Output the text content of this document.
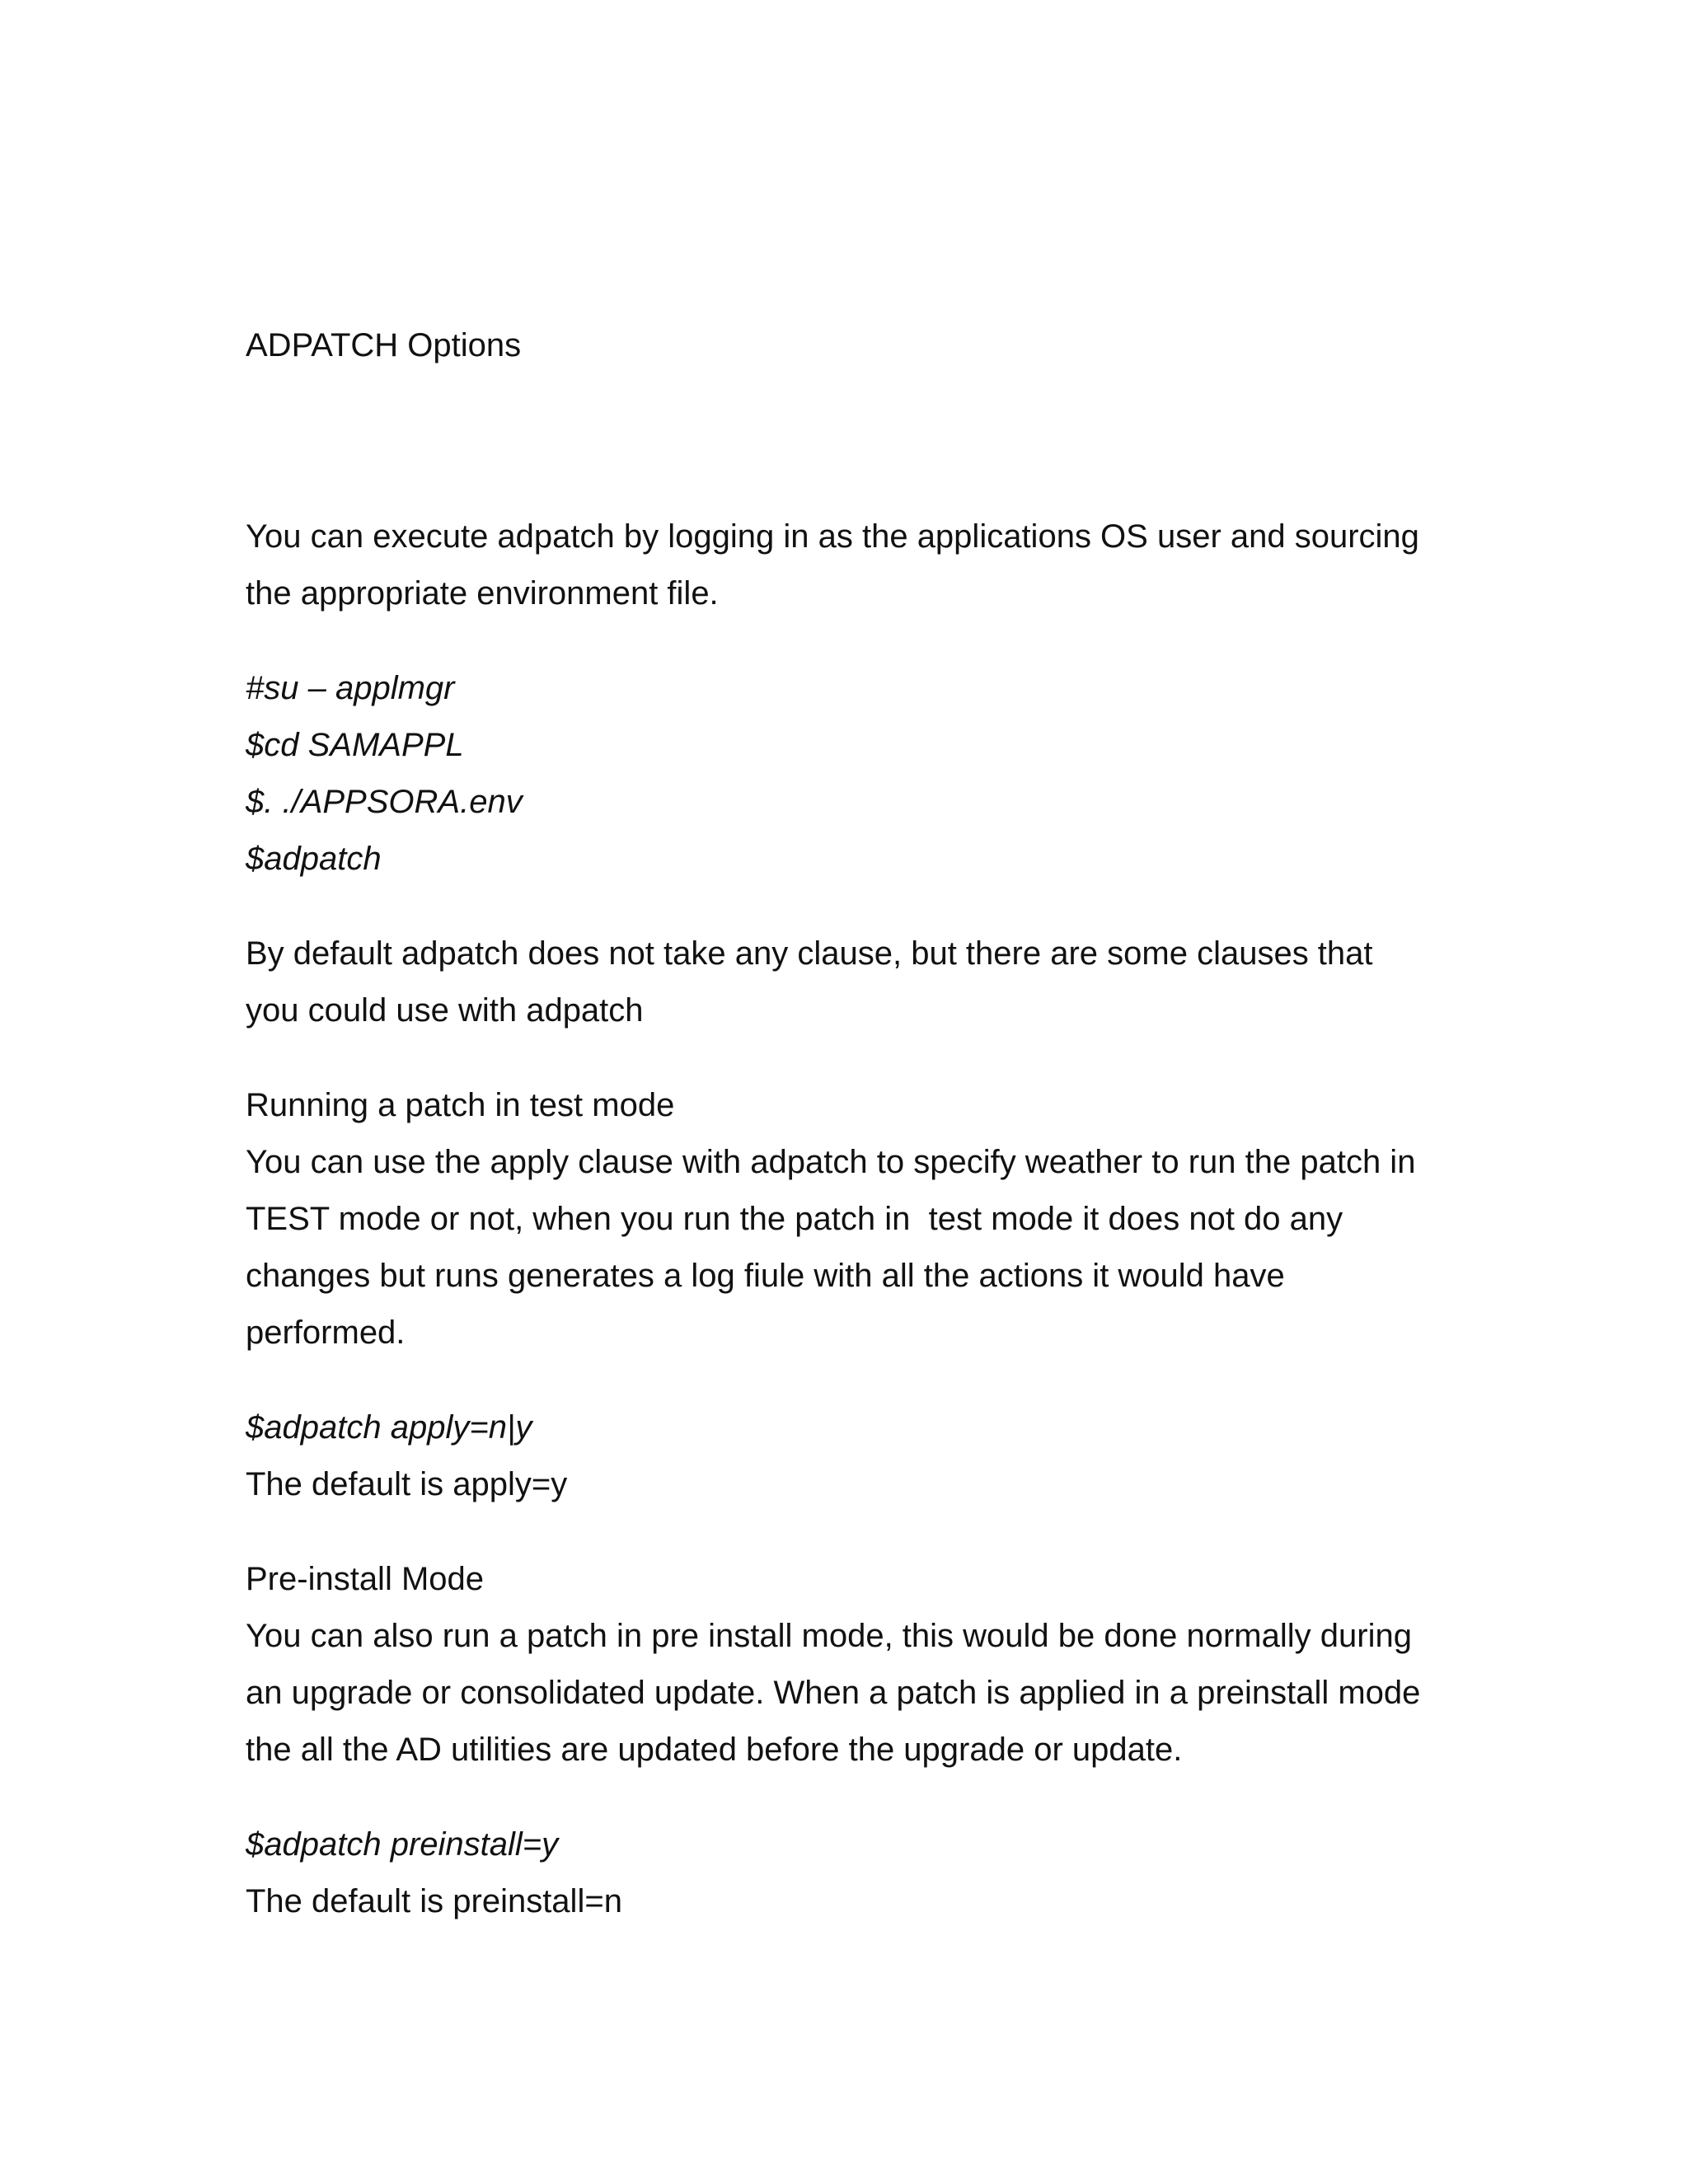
ADPATCH Options

You can execute adpatch by logging in as the applications OS user and sourcing
the appropriate environment file.

#su – applmgr
$cd SAMAPPL
$. ./APPSORA.env
$adpatch

By default adpatch does not take any clause, but there are some clauses that
you could use with adpatch

Running a patch in test mode
You can use the apply clause with adpatch to specify weather to run the patch in
TEST mode or not, when you run the patch in  test mode it does not do any
changes but runs generates a log fiule with all the actions it would have
performed.
$adpatch apply=n|y
The default is apply=y
Pre-install Mode
You can also run a patch in pre install mode, this would be done normally during
an upgrade or consolidated update. When a patch is applied in a preinstall mode
the all the AD utilities are updated before the upgrade or update.
$adpatch preinstall=y
The default is preinstall=n
